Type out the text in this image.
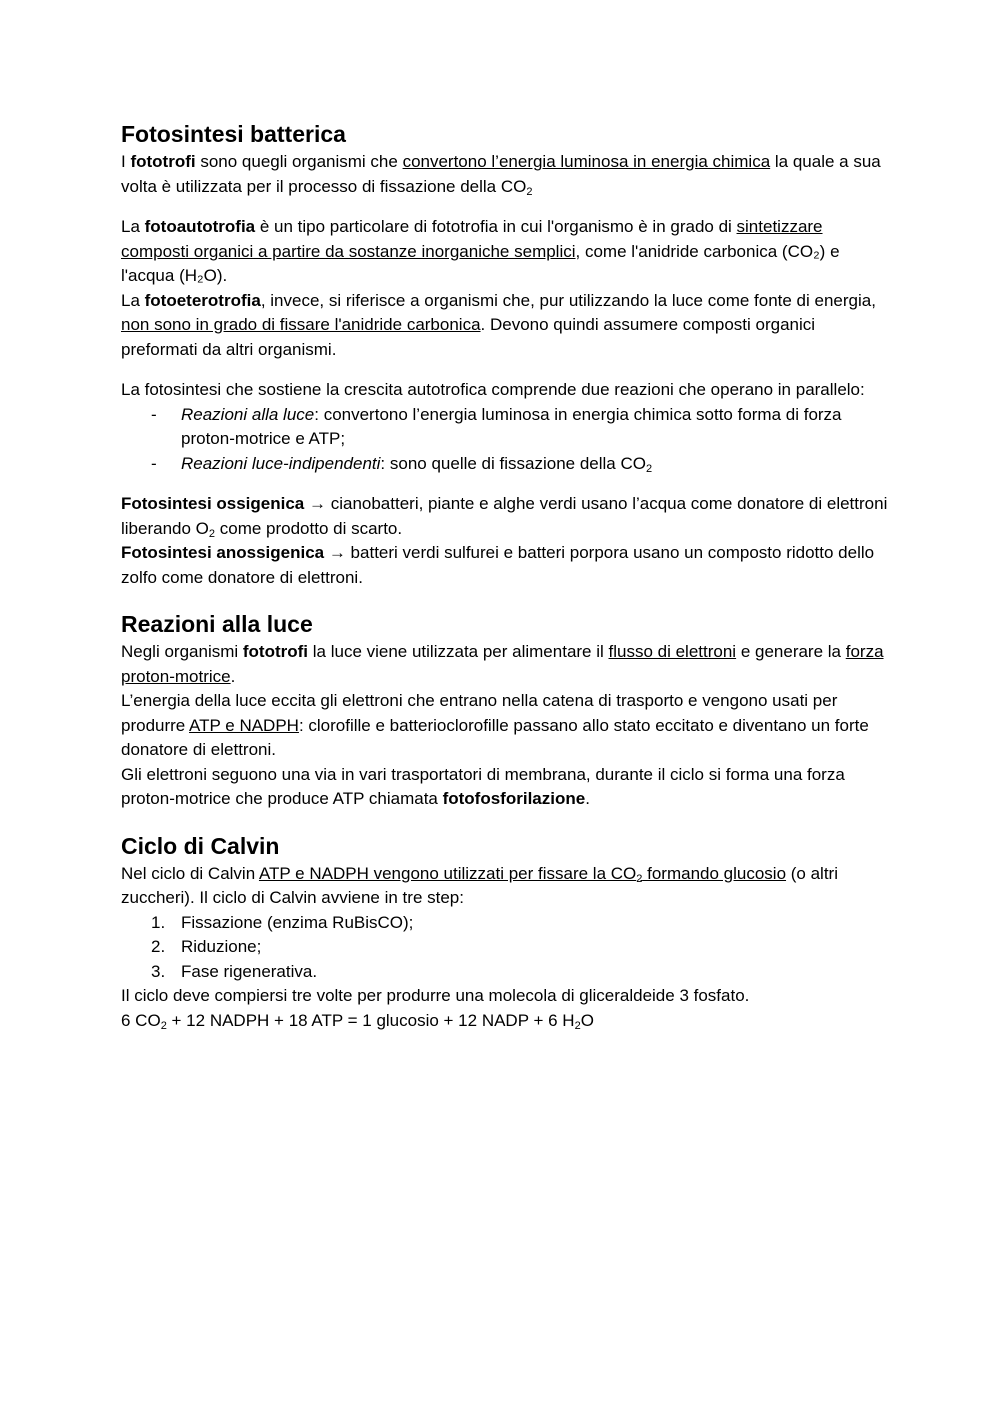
Fotosintesi batterica

I fototrofi sono quegli organismi che convertono l’energia luminosa in energia chimica la quale a sua volta è utilizzata per il processo di fissazione della $CO_2$

La fotoautotrofia è un tipo particolare di fototrofia in cui l'organismo è in grado di sintetizzare composti organici a partire da sostanze inorganiche semplici, come l'anidride carbonica (CO₂) e l'acqua (H₂O).

La fotoeterotrofia, invece, si riferisce a organismi che, pur utilizzando la luce come fonte di energia, non sono in grado di fissare l'anidride carbonica. Devono quindi assumere composti organici preformati da altri organismi.

La fotosintesi che sostiene la crescita autotrofica comprende due reazioni che operano in parallelo:

- Reazioni alla luce: convertono l’energia luminosa in energia chimica sotto forma di forza proton-motrice e ATP;
- Reazioni luce-indipendenti: sono quelle di fissazione della $CO_2$

Fotosintesi ossigenica → cianobatteri, piante e alghe verdi usano l’acqua come donatore di elettroni liberando $O_2$ come prodotto di scarto.

Fotosintesi anossigenica → batteri verdi sulfurei e batteri porpora usano un composto ridotto dello zolfo come donatore di elettroni.

Reazioni alla luce

Negli organismi fototrofi la luce viene utilizzata per alimentare il flusso di elettroni e generare la forza proton-motrice.

L’energia della luce eccita gli elettroni che entrano nella catena di trasporto e vengono usati per produrre ATP e NADPH: clorofille e batterioclorofille passano allo stato eccitato e diventano un forte donatore di elettroni.

Gli elettroni seguono una via in vari trasportatori di membrana, durante il ciclo si forma una forza proton-motrice che produce ATP chiamata fotofosforilazione.

Ciclo di Calvin

Nel ciclo di Calvin ATP e NADPH vengono utilizzati per fissare la $CO_2$ formando glucosio (o altri zuccheri). Il ciclo di Calvin avviene in tre step:

1. Fissazione (enzima RuBisCO);
2. Riduzione;
3. Fase rigenerativa.

Il ciclo deve compiersi tre volte per produrre una molecola di gliceraldeide 3 fosfato.

6 $CO_2 + 12$ NADPH + 18 ATP = 1 glucosio + 12 NADP + 6 $H_2O$
